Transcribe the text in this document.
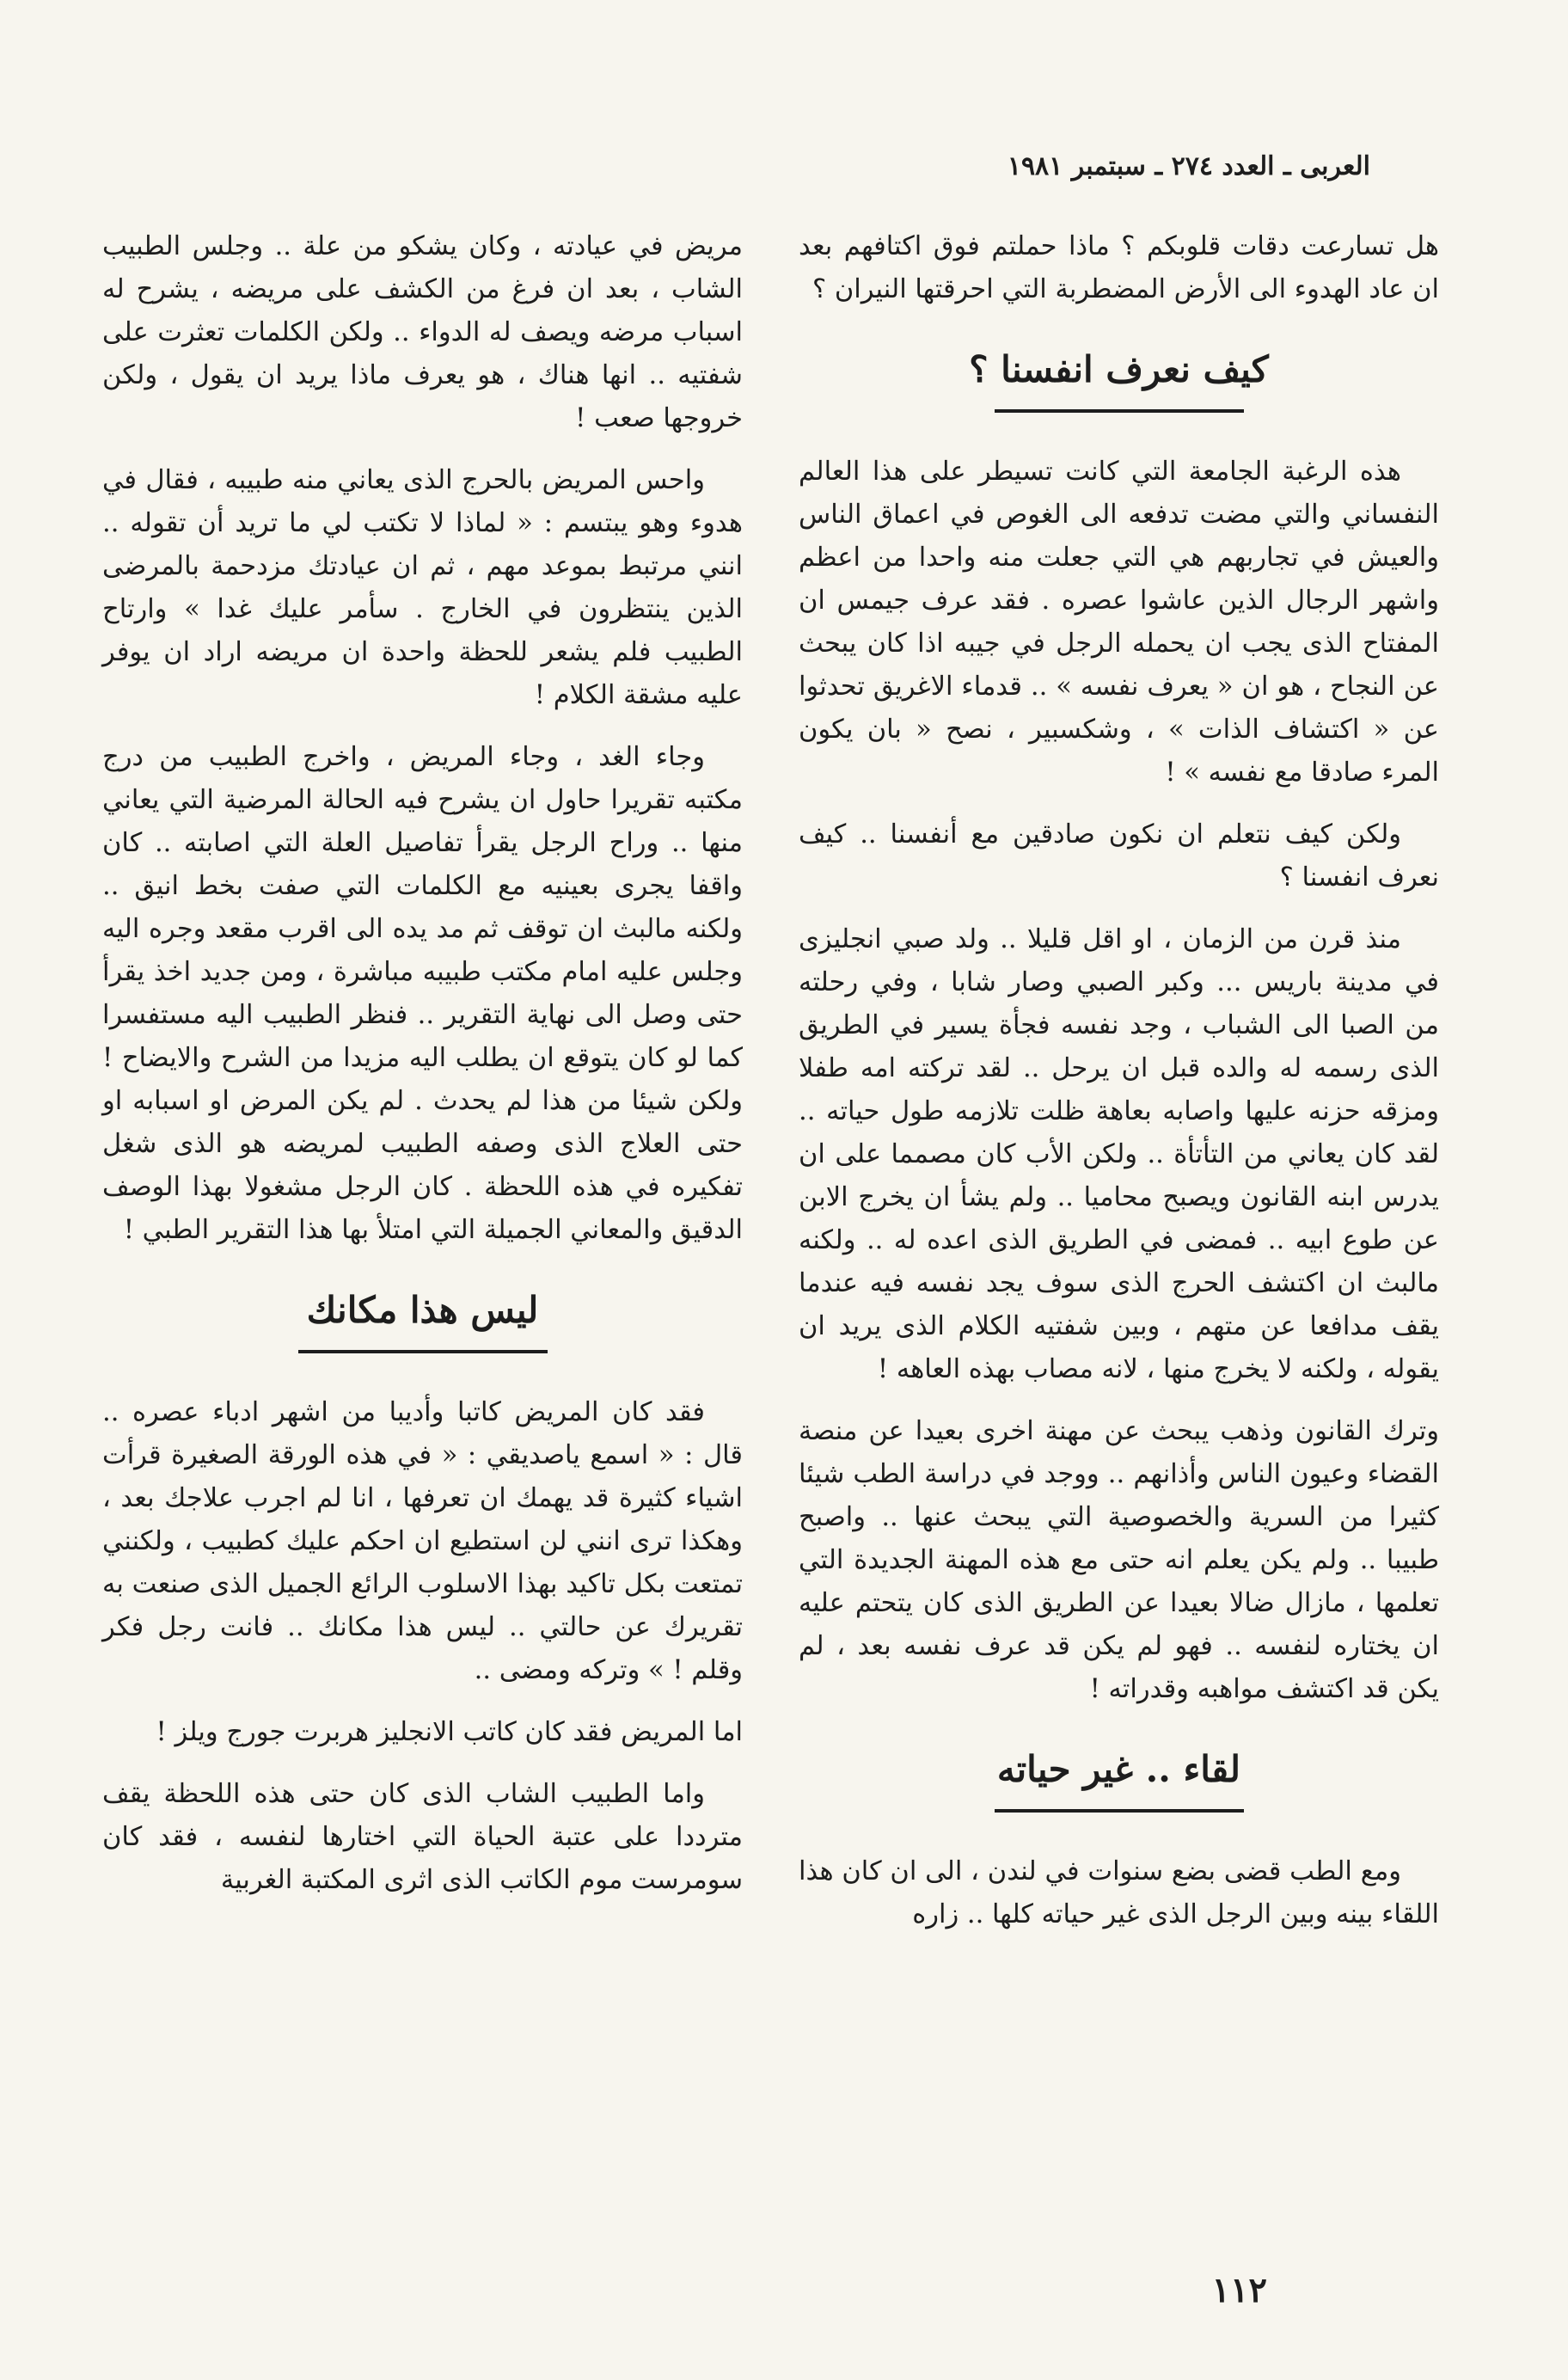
العربى ـ العدد ٢٧٤ ـ سبتمبر ١٩٨١

هل تسارعت دقات قلوبكم ؟ ماذا حملتم فوق اكتافهم بعد ان عاد الهدوء الى الأرض المضطربة التي احرقتها النيران ؟

كيف نعرف انفسنا ؟

هذه الرغبة الجامعة التي كانت تسيطر على هذا العالم النفساني والتي مضت تدفعه الى الغوص في اعماق الناس والعيش في تجاربهم هي التي جعلت منه واحدا من اعظم واشهر الرجال الذين عاشوا عصره . فقد عرف جيمس ان المفتاح الذى يجب ان يحمله الرجل في جيبه اذا كان يبحث عن النجاح ، هو ان « يعرف نفسه » .. قدماء الاغريق تحدثوا عن « اكتشاف الذات » ، وشكسبير ، نصح « بان يكون المرء صادقا مع نفسه » !

ولكن كيف نتعلم ان نكون صادقين مع أنفسنا .. كيف نعرف انفسنا ؟

منذ قرن من الزمان ، او اقل قليلا .. ولد صبي انجليزى في مدينة باريس ... وكبر الصبي وصار شابا ، وفي رحلته من الصبا الى الشباب ، وجد نفسه فجأة يسير في الطريق الذى رسمه له والده قبل ان يرحل .. لقد تركته امه طفلا ومزقه حزنه عليها واصابه بعاهة ظلت تلازمه طول حياته .. لقد كان يعاني من التأتأة .. ولكن الأب كان مصمما على ان يدرس ابنه القانون ويصبح محاميا .. ولم يشأ ان يخرج الابن عن طوع ابيه .. فمضى في الطريق الذى اعده له .. ولكنه مالبث ان اكتشف الحرج الذى سوف يجد نفسه فيه عندما يقف مدافعا عن متهم ، وبين شفتيه الكلام الذى يريد ان يقوله ، ولكنه لا يخرج منها ، لانه مصاب بهذه العاهه !

وترك القانون وذهب يبحث عن مهنة اخرى بعيدا عن منصة القضاء وعيون الناس وأذانهم .. ووجد في دراسة الطب شيئا كثيرا من السرية والخصوصية التي يبحث عنها .. واصبح طبيبا .. ولم يكن يعلم انه حتى مع هذه المهنة الجديدة التي تعلمها ، مازال ضالا بعيدا عن الطريق الذى كان يتحتم عليه ان يختاره لنفسه .. فهو لم يكن قد عرف نفسه بعد ، لم يكن قد اكتشف مواهبه وقدراته !

لقاء .. غير حياته

ومع الطب قضى بضع سنوات في لندن ، الى ان كان هذا اللقاء بينه وبين الرجل الذى غير حياته كلها .. زاره

مريض في عيادته ، وكان يشكو من علة .. وجلس الطبيب الشاب ، بعد ان فرغ من الكشف على مريضه ، يشرح له اسباب مرضه ويصف له الدواء .. ولكن الكلمات تعثرت على شفتيه .. انها هناك ، هو يعرف ماذا يريد ان يقول ، ولكن خروجها صعب !

واحس المريض بالحرج الذى يعاني منه طبيبه ، فقال في هدوء وهو يبتسم : « لماذا لا تكتب لي ما تريد أن تقوله .. انني مرتبط بموعد مهم ، ثم ان عيادتك مزدحمة بالمرضى الذين ينتظرون في الخارج . سأمر عليك غدا » وارتاح الطبيب فلم يشعر للحظة واحدة ان مريضه اراد ان يوفر عليه مشقة الكلام !

وجاء الغد ، وجاء المريض ، واخرج الطبيب من درج مكتبه تقريرا حاول ان يشرح فيه الحالة المرضية التي يعاني منها .. وراح الرجل يقرأ تفاصيل العلة التي اصابته .. كان واقفا يجرى بعينيه مع الكلمات التي صفت بخط انيق .. ولكنه مالبث ان توقف ثم مد يده الى اقرب مقعد وجره اليه وجلس عليه امام مكتب طبيبه مباشرة ، ومن جديد اخذ يقرأ حتى وصل الى نهاية التقرير .. فنظر الطبيب اليه مستفسرا كما لو كان يتوقع ان يطلب اليه مزيدا من الشرح والايضاح ! ولكن شيئا من هذا لم يحدث . لم يكن المرض او اسبابه او حتى العلاج الذى وصفه الطبيب لمريضه هو الذى شغل تفكيره في هذه اللحظة . كان الرجل مشغولا بهذا الوصف الدقيق والمعاني الجميلة التي امتلأ بها هذا التقرير الطبي !

ليس هذا مكانك

فقد كان المريض كاتبا وأديبا من اشهر ادباء عصره .. قال : « اسمع ياصديقي : « في هذه الورقة الصغيرة قرأت اشياء كثيرة قد يهمك ان تعرفها ، انا لم اجرب علاجك بعد ، وهكذا ترى انني لن استطيع ان احكم عليك كطبيب ، ولكنني تمتعت بكل تاكيد بهذا الاسلوب الرائع الجميل الذى صنعت به تقريرك عن حالتي .. ليس هذا مكانك .. فانت رجل فكر وقلم ! » وتركه ومضى ..

اما المريض فقد كان كاتب الانجليز هربرت جورج ويلز !

واما الطبيب الشاب الذى كان حتى هذه اللحظة يقف مترددا على عتبة الحياة التي اختارها لنفسه ، فقد كان سومرست موم الكاتب الذى اثرى المكتبة الغربية

١١٢
